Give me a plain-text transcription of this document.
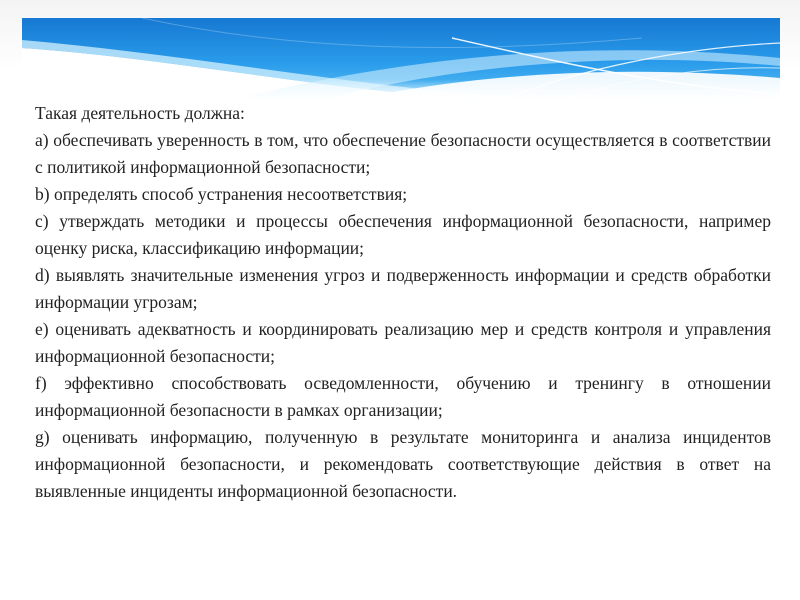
Такая деятельность должна:

a) обеспечивать уверенность в том, что обеспечение безопасности осуществляется в соответствии с политикой информационной безопасности;

b) определять способ устранения несоответствия;

c) утверждать методики и процессы обеспечения информационной безопасности, например оценку риска, классификацию информации;

d) выявлять значительные изменения угроз и подверженность информации и средств обработки информации угрозам;

e) оценивать адекватность и координировать реализацию мер и средств контроля и управления информационной безопасности;

f) эффективно способствовать осведомленности, обучению и тренингу в отношении информационной безопасности в рамках организации;

g) оценивать информацию, полученную в результате мониторинга и анализа инцидентов информационной безопасности, и рекомендовать соответствующие действия в ответ на выявленные инциденты информационной безопасности.
